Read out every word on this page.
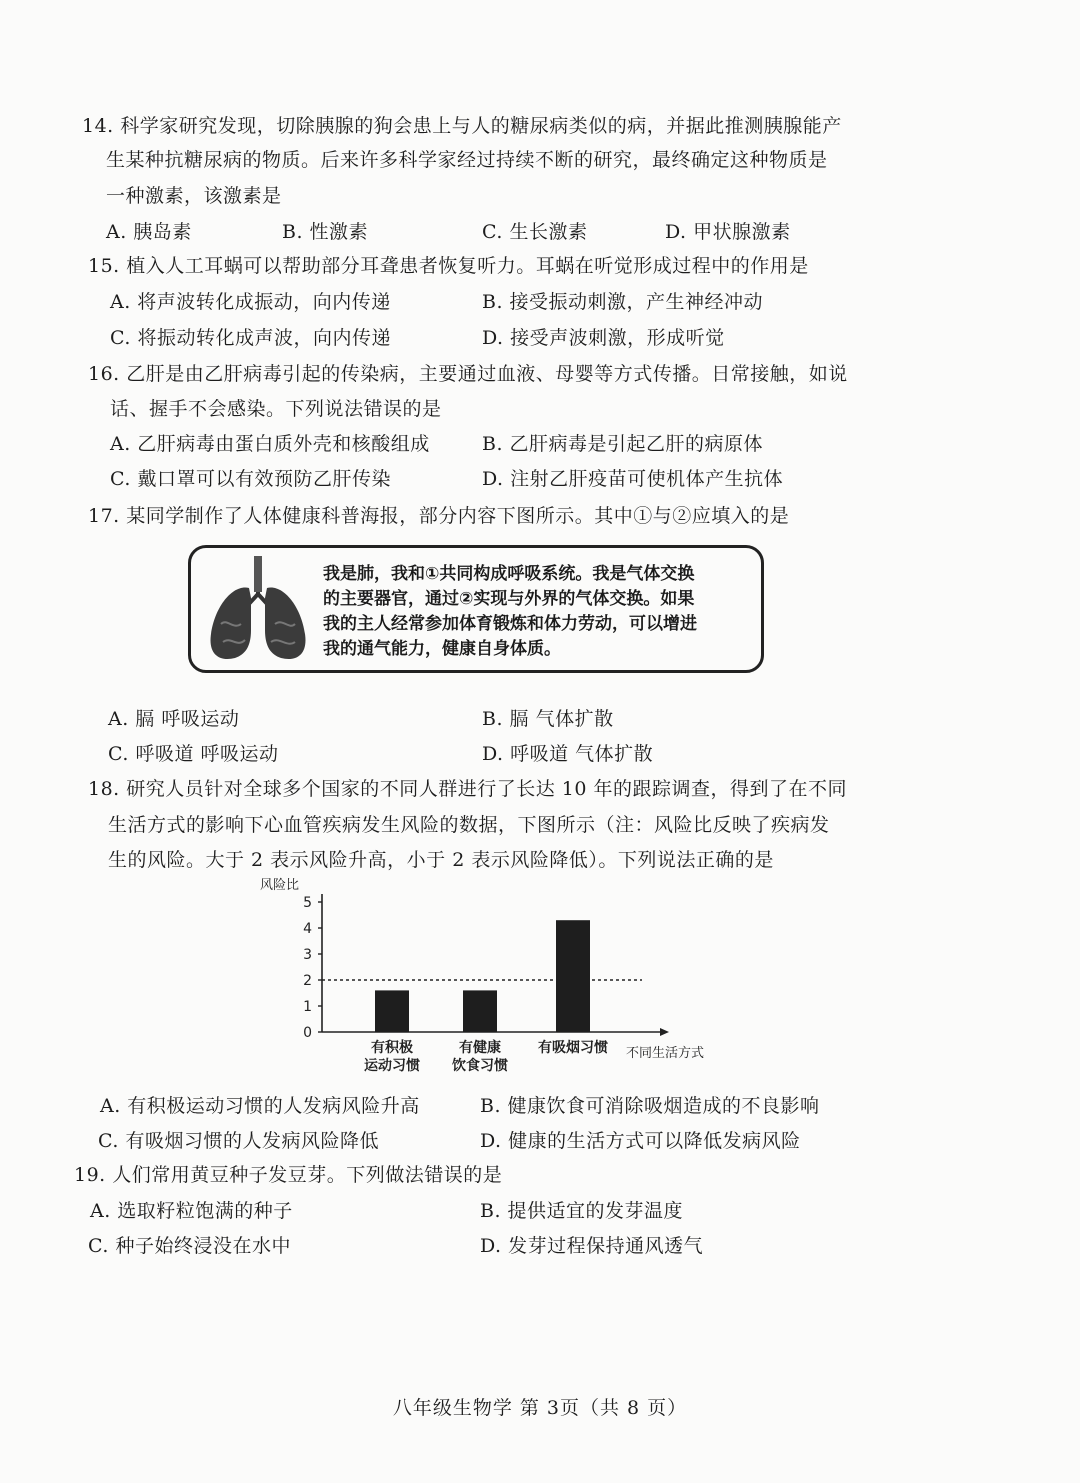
14. 科学家研究发现，切除胰腺的狗会患上与人的糖尿病类似的病，并据此推测胰腺能产
生某种抗糖尿病的物质。后来许多科学家经过持续不断的研究，最终确定这种物质是
一种激素，该激素是
A. 胰岛素	B. 性激素	C. 生长激素	D. 甲状腺激素
15. 植入人工耳蜗可以帮助部分耳聋患者恢复听力。耳蜗在听觉形成过程中的作用是
A. 将声波转化成振动，向内传递	B. 接受振动刺激，产生神经冲动
C. 将振动转化成声波，向内传递	D. 接受声波刺激，形成听觉
16. 乙肝是由乙肝病毒引起的传染病，主要通过血液、母婴等方式传播。日常接触，如说
话、握手不会感染。下列说法错误的是
A. 乙肝病毒由蛋白质外壳和核酸组成	B. 乙肝病毒是引起乙肝的病原体
C. 戴口罩可以有效预防乙肝传染	D. 注射乙肝疫苗可使机体产生抗体
17. 某同学制作了人体健康科普海报，部分内容下图所示。其中①与②应填入的是
我是肺，我和①共同构成呼吸系统。我是气体交换
的主要器官，通过②实现与外界的气体交换。如果
我的主人经常参加体育锻炼和体力劳动，可以增进
我的通气能力，健康自身体质。
A. 膈 呼吸运动	B. 膈 气体扩散
C. 呼吸道 呼吸运动	D. 呼吸道 气体扩散
18. 研究人员针对全球多个国家的不同人群进行了长达 10 年的跟踪调查，得到了在不同
生活方式的影响下心血管疾病发生风险的数据，下图所示（注：风险比反映了疾病发
生的风险。大于 2 表示风险升高，小于 2 表示风险降低）。下列说法正确的是
风险比
不同生活方式
0
1
2
3
4
5
有积极
运动习惯
有健康
饮食习惯
有吸烟习惯
A. 有积极运动习惯的人发病风险升高	B. 健康饮食可消除吸烟造成的不良影响
C. 有吸烟习惯的人发病风险降低	D. 健康的生活方式可以降低发病风险
19. 人们常用黄豆种子发豆芽。下列做法错误的是
A. 选取籽粒饱满的种子	B. 提供适宜的发芽温度
C. 种子始终浸没在水中	D. 发芽过程保持通风透气
八年级生物学 第 3页（共 8 页）
